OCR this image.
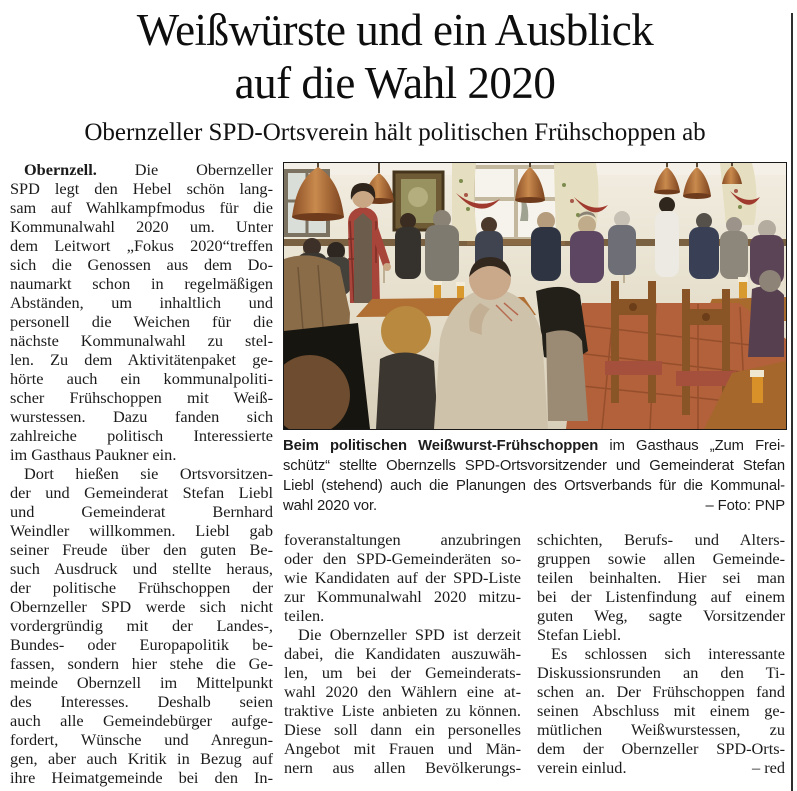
Weißwürste und ein Ausblick
auf die Wahl 2020
Obernzeller SPD-Ortsverein hält politischen Frühschoppen ab
Obernzell. Die Obernzeller
SPD legt den Hebel schön lang-
sam auf Wahlkampfmodus für die
Kommunalwahl 2020 um. Unter
dem Leitwort „Fokus 2020“treffen
sich die Genossen aus dem Do-
naumarkt schon in regelmäßigen
Abständen, um inhaltlich und
personell die Weichen für die
nächste Kommunalwahl zu stel-
len. Zu dem Aktivitätenpaket ge-
hörte auch ein kommunalpoliti-
scher Frühschoppen mit Weiß-
wurstessen. Dazu fanden sich
zahlreiche politisch Interessierte
im Gasthaus Paukner ein.
Dort hießen sie Ortsvorsitzen-
der und Gemeinderat Stefan Liebl
und Gemeinderat Bernhard
Weindler willkommen. Liebl gab
seiner Freude über den guten Be-
such Ausdruck und stellte heraus,
der politische Frühschoppen der
Obernzeller SPD werde sich nicht
vordergründig mit der Landes-,
Bundes- oder Europapolitik be-
fassen, sondern hier stehe die Ge-
meinde Obernzell im Mittelpunkt
des Interesses. Deshalb seien
auch alle Gemeindebürger aufge-
fordert, Wünsche und Anregun-
gen, aber auch Kritik in Bezug auf
ihre Heimatgemeinde bei den In-
Beim politischen Weißwurst-Frühschoppen im Gasthaus „Zum Frei-
schütz“ stellte Obernzells SPD-Ortsvorsitzender und Gemeinderat Stefan
Liebl (stehend) auch die Planungen des Ortsverbands für die Kommunal-
wahl 2020 vor.	– Foto: PNP
foveranstaltungen anzubringen
oder den SPD-Gemeinderäten so-
wie Kandidaten auf der SPD-Liste
zur Kommunalwahl 2020 mitzu-
teilen.
Die Obernzeller SPD ist derzeit
dabei, die Kandidaten auszuwäh-
len, um bei der Gemeinderats-
wahl 2020 den Wählern eine at-
traktive Liste anbieten zu können.
Diese soll dann ein personelles
Angebot mit Frauen und Män-
nern aus allen Bevölkerungs-
schichten, Berufs- und Alters-
gruppen sowie allen Gemeinde-
teilen beinhalten. Hier sei man
bei der Listenfindung auf einem
guten Weg, sagte Vorsitzender
Stefan Liebl.
Es schlossen sich interessante
Diskussionsrunden an den Ti-
schen an. Der Frühschoppen fand
seinen Abschluss mit einem ge-
mütlichen Weißwurstessen, zu
dem der Obernzeller SPD-Orts-
verein einlud.	– red
